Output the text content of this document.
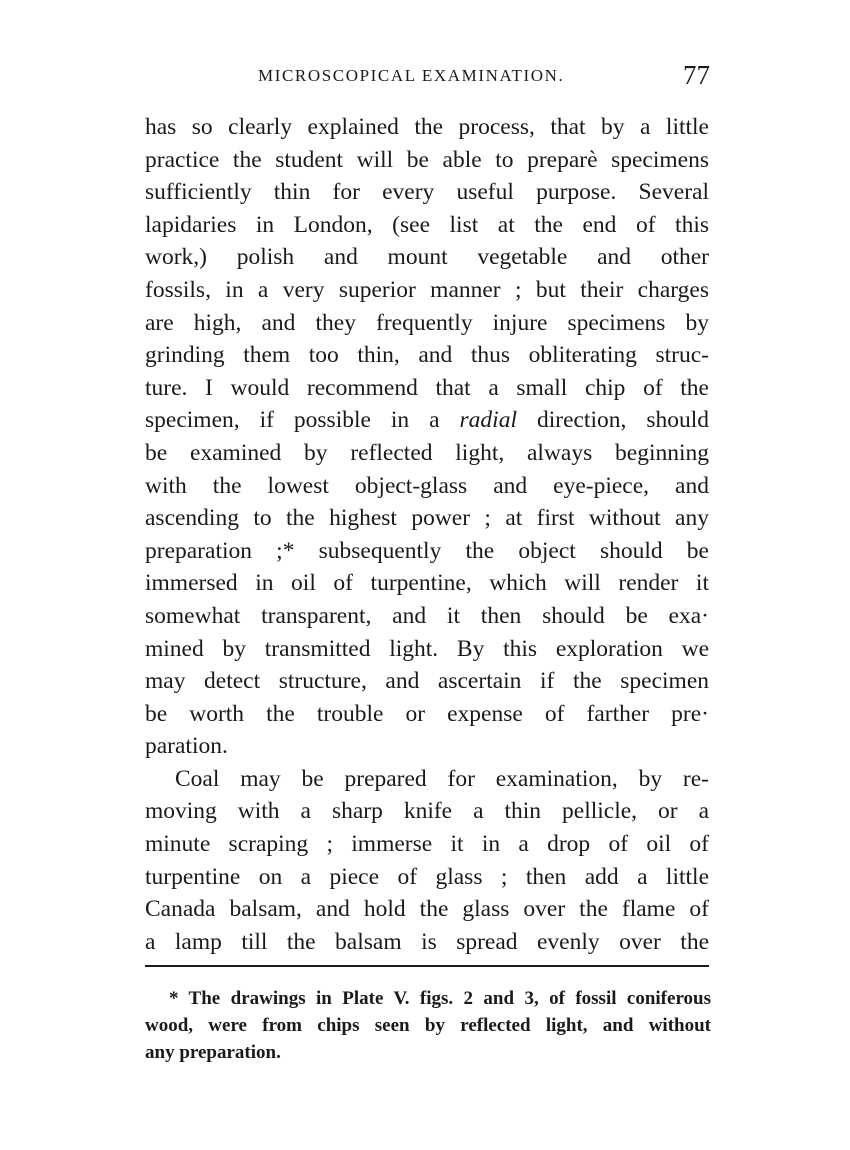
MICROSCOPICAL EXAMINATION.	77
has so clearly explained the process, that by a little
practice the student will be able to preparè specimens
sufficiently thin for every useful purpose. Several
lapidaries in London, (see list at the end of this
work,) polish and mount vegetable and other
fossils, in a very superior manner ; but their charges
are high, and they frequently injure specimens by
grinding them too thin, and thus obliterating struc-
ture. I would recommend that a small chip of the
specimen, if possible in a radial direction, should
be examined by reflected light, always beginning
with the lowest object-glass and eye-piece, and
ascending to the highest power ; at first without any
preparation ;* subsequently the object should be
immersed in oil of turpentine, which will render it
somewhat transparent, and it then should be exa·
mined by transmitted light. By this exploration we
may detect structure, and ascertain if the specimen
be worth the trouble or expense of farther pre·
paration.
Coal may be prepared for examination, by re-
moving with a sharp knife a thin pellicle, or a
minute scraping ; immerse it in a drop of oil of
turpentine on a piece of glass ; then add a little
Canada balsam, and hold the glass over the flame of
a lamp till the balsam is spread evenly over the
* The drawings in Plate V. figs. 2 and 3, of fossil coniferous
wood, were from chips seen by reflected light, and without
any preparation.
